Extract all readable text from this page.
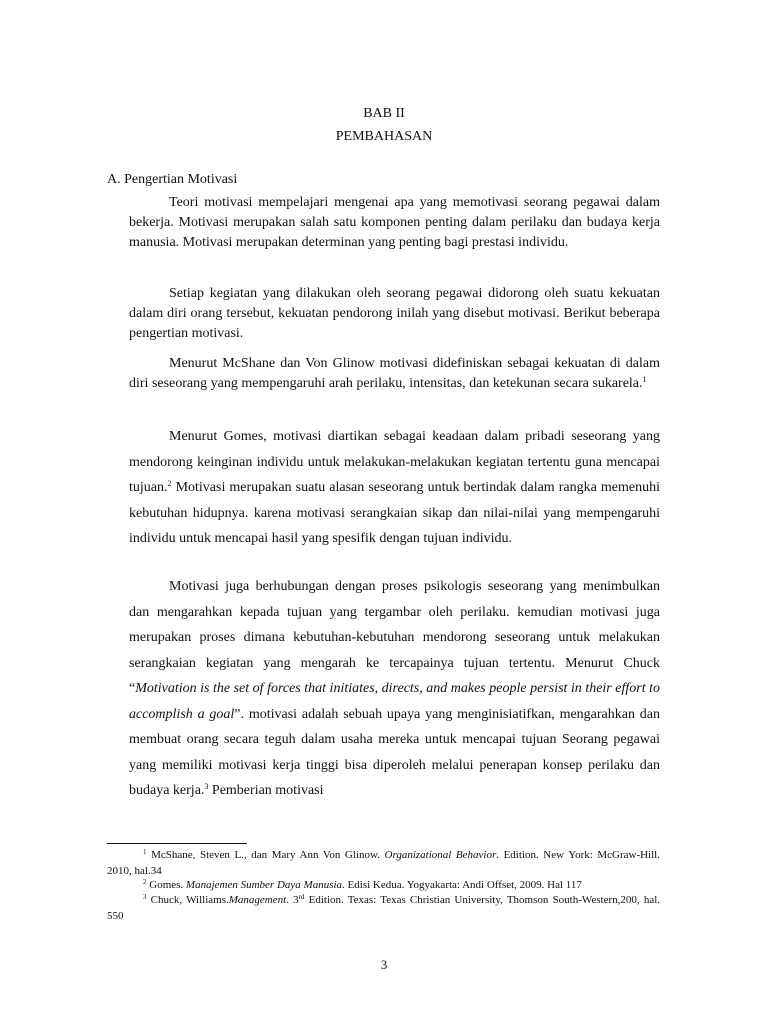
BAB II
PEMBAHASAN
A. Pengertian Motivasi

Teori motivasi mempelajari mengenai apa yang memotivasi seorang pegawai dalam bekerja. Motivasi merupakan salah satu komponen penting dalam perilaku dan budaya kerja manusia. Motivasi merupakan determinan yang penting bagi prestasi individu.

Setiap kegiatan yang dilakukan oleh seorang pegawai didorong oleh suatu kekuatan dalam diri orang tersebut, kekuatan pendorong inilah yang disebut motivasi. Berikut beberapa pengertian motivasi.

Menurut McShane dan Von Glinow motivasi didefiniskan sebagai kekuatan di dalam diri seseorang yang mempengaruhi arah perilaku, intensitas, dan ketekunan secara sukarela.$^1$

Menurut Gomes, motivasi diartikan sebagai keadaan dalam pribadi seseorang yang mendorong keinginan individu untuk melakukan-melakukan kegiatan tertentu guna mencapai tujuan.$^2$ Motivasi merupakan suatu alasan seseorang untuk bertindak dalam rangka memenuhi kebutuhan hidupnya. karena motivasi serangkaian sikap dan nilai-nilai yang mempengaruhi individu untuk mencapai hasil yang spesifik dengan tujuan individu.

Motivasi juga berhubungan dengan proses psikologis seseorang yang menimbulkan dan mengarahkan kepada tujuan yang tergambar oleh perilaku. kemudian motivasi juga merupakan proses dimana kebutuhan-kebutuhan mendorong seseorang untuk melakukan serangkaian kegiatan yang mengarah ke tercapainya tujuan tertentu. Menurut Chuck “Motivation is the set of forces that initiates, directs, and makes people persist in their effort to accomplish a goal”. motivasi adalah sebuah upaya yang menginisiatifkan, mengarahkan dan membuat orang secara teguh dalam usaha mereka untuk mencapai tujuan Seorang pegawai yang memiliki motivasi kerja tinggi bisa diperoleh melalui penerapan konsep perilaku dan budaya kerja.$^3$ Pemberian motivasi

$^1$ McShane, Steven L., dan Mary Ann Von Glinow. Organizational Behavior. Edition. New York: McGraw-Hill. 2010, hal.34

$^2$ Gomes. Manajemen Sumber Daya Manusia. Edisi Kedua. Yogyakarta: Andi Offset, 2009. Hal 117

$^3$ Chuck, Williams.Management. 3rd Edition. Texas: Texas Christian University, Thomson South-Western,200, hal. 550

3
